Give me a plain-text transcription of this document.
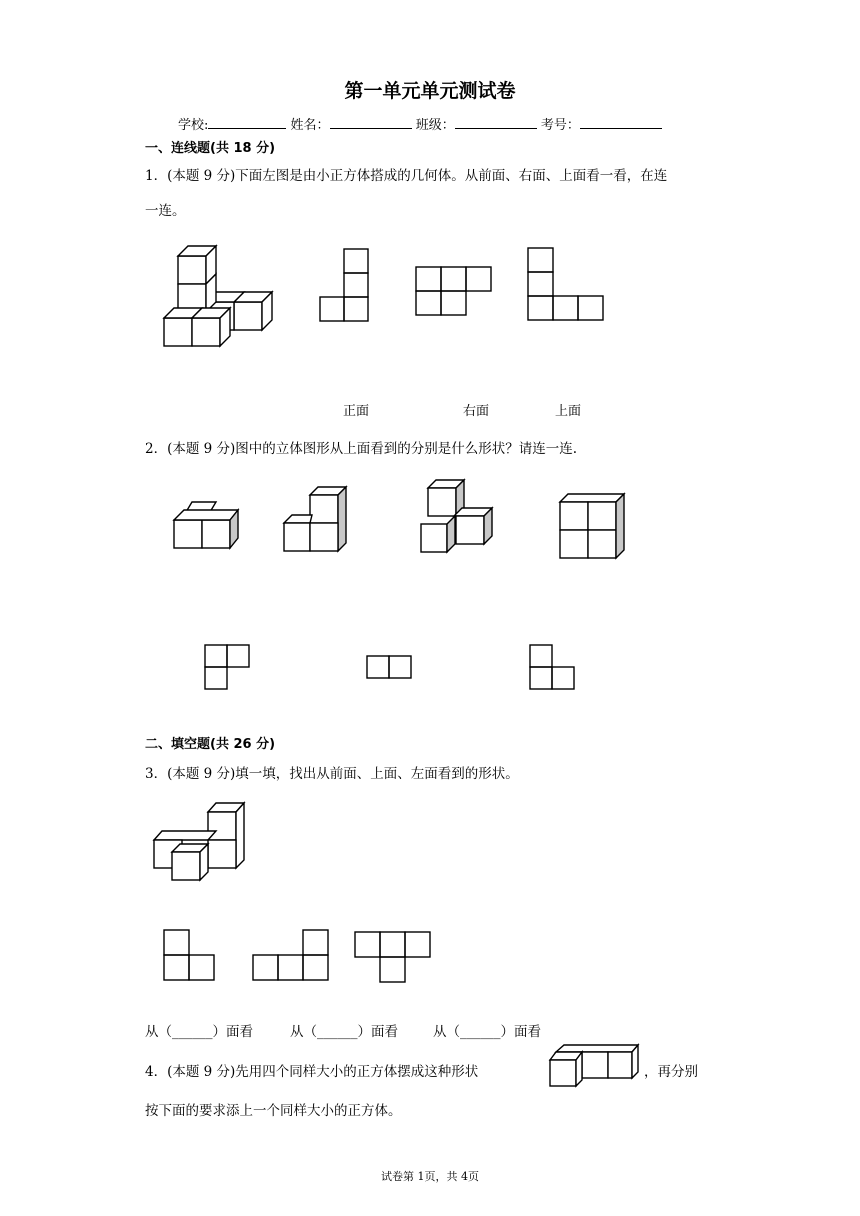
第一单元单元测试卷
学校:	姓名：	班级：	考号：
一、连线题(共 18 分)
1．(本题 9 分)下面左图是由小正方体搭成的几何体。从前面、右面、上面看一看，在连
一连。
正面	右面	上面
2．(本题 9 分)图中的立体图形从上面看到的分别是什么形状？请连一连.
二、填空题(共 26 分)
3．(本题 9 分)填一填，找出从前面、上面、左面看到的形状。
从（______）面看	从（______）面看	从（______）面看
4．(本题 9 分)先用四个同样大小的正方体摆成这种形状	，再分别
按下面的要求添上一个同样大小的正方体。
试卷第 1页，共 4页
